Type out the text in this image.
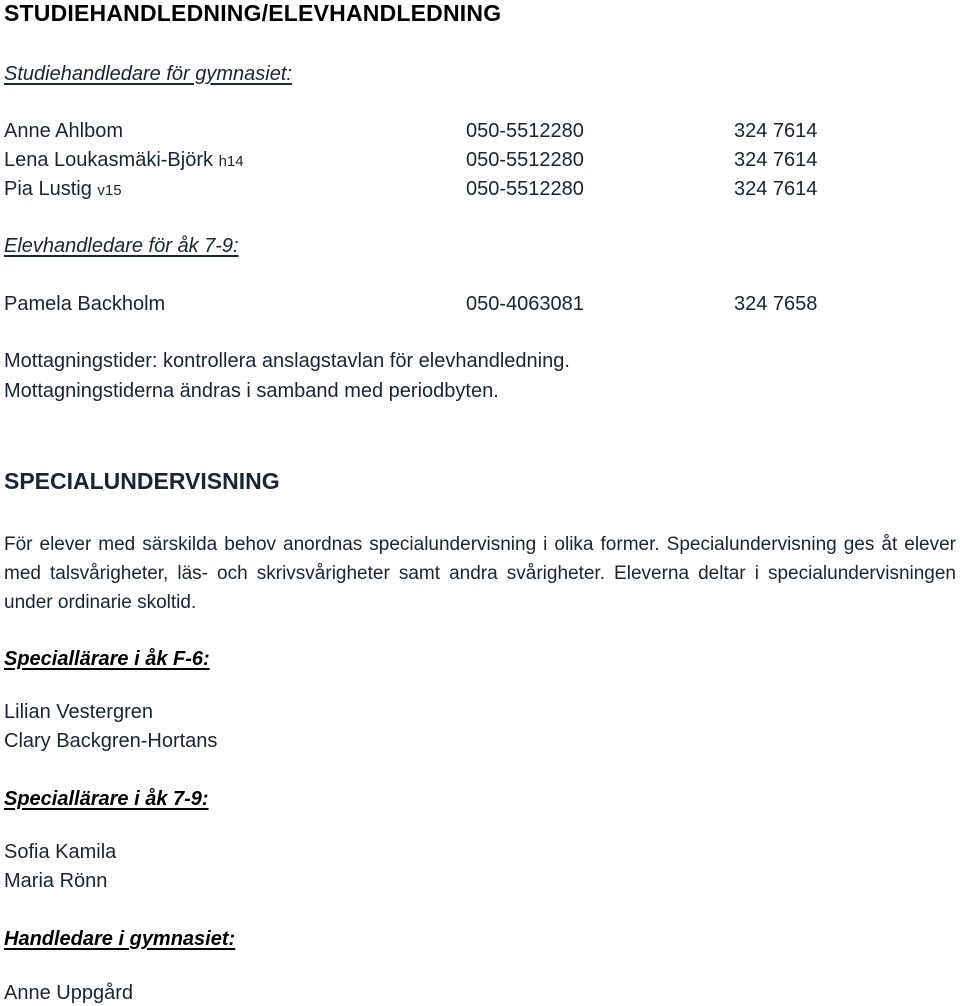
STUDIEHANDLEDNING/ELEVHANDLEDNING
Studiehandledare för gymnasiet:
Anne Ahlbom	050-5512280	324 7614
Lena Loukasmäki-Björk h14	050-5512280	324 7614
Pia Lustig v15	050-5512280	324 7614
Elevhandledare för åk 7-9:
Pamela Backholm	050-4063081	324 7658
Mottagningstider: kontrollera anslagstavlan för elevhandledning.
Mottagningstiderna ändras i samband med periodbyten.
SPECIALUNDERVISNING
För elever med särskilda behov anordnas specialundervisning i olika former. Specialundervisning ges åt elever med talsvårigheter, läs- och skrivsvårigheter samt andra svårigheter. Eleverna deltar i specialundervisningen under ordinarie skoltid.
Speciallärare i åk F-6:
Lilian Vestergren
Clary Backgren-Hortans
Speciallärare i åk 7-9:
Sofia Kamila
Maria Rönn
Handledare i gymnasiet:
Anne Uppgård
